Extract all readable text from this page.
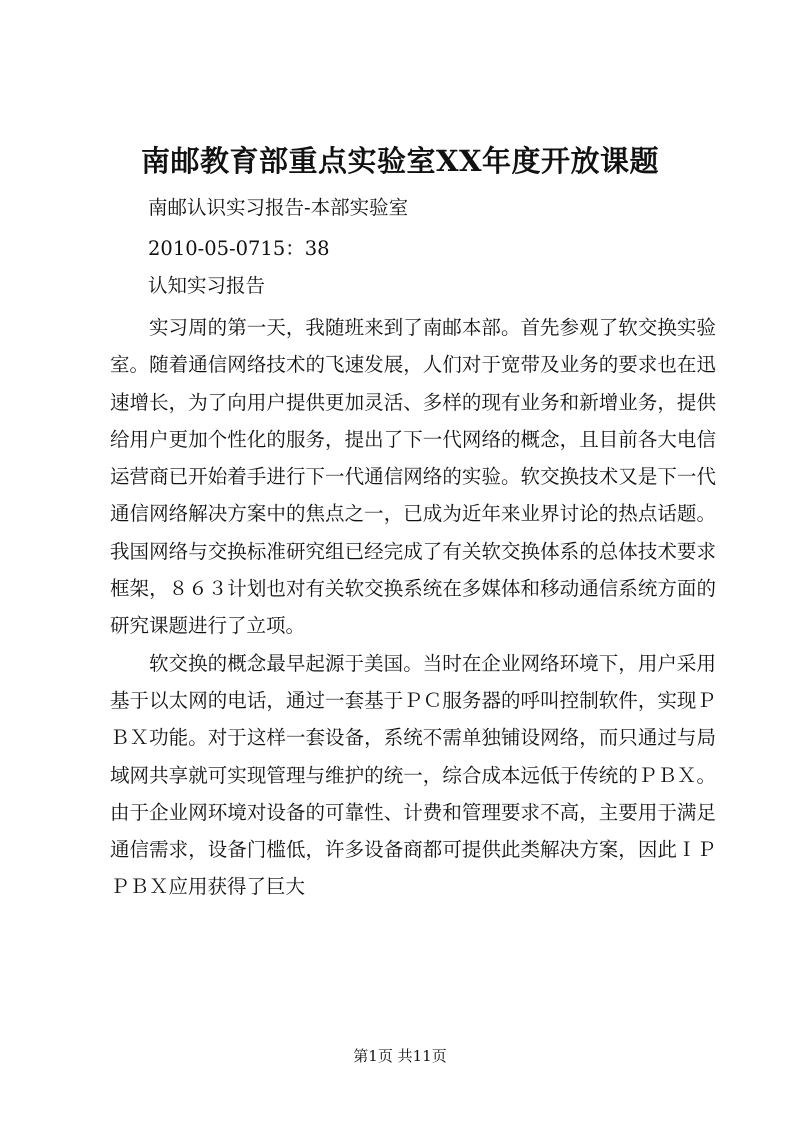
南邮教育部重点实验室XX年度开放课题
南邮认识实习报告-本部实验室
2010-05-0715：38
认知实习报告

实习周的第一天，我随班来到了南邮本部。首先参观了软交换实验室。随着通信网络技术的飞速发展，人们对于宽带及业务的要求也在迅速增长，为了向用户提供更加灵活、多样的现有业务和新增业务，提供给用户更加个性化的服务，提出了下一代网络的概念，且目前各大电信运营商已开始着手进行下一代通信网络的实验。软交换技术又是下一代通信网络解决方案中的焦点之一，已成为近年来业界讨论的热点话题。我国网络与交换标准研究组已经完成了有关软交换体系的总体技术要求框架，８６３计划也对有关软交换系统在多媒体和移动通信系统方面的研究课题进行了立项。

软交换的概念最早起源于美国。当时在企业网络环境下，用户采用基于以太网的电话，通过一套基于ＰＣ服务器的呼叫控制软件，实现ＰＢＸ功能。对于这样一套设备，系统不需单独铺设网络，而只通过与局域网共享就可实现管理与维护的统一，综合成本远低于传统的ＰＢＸ。由于企业网环境对设备的可靠性、计费和管理要求不高，主要用于满足通信需求，设备门槛低，许多设备商都可提供此类解决方案，因此ＩＰＰＢＸ应用获得了巨大

第1页 共11页
